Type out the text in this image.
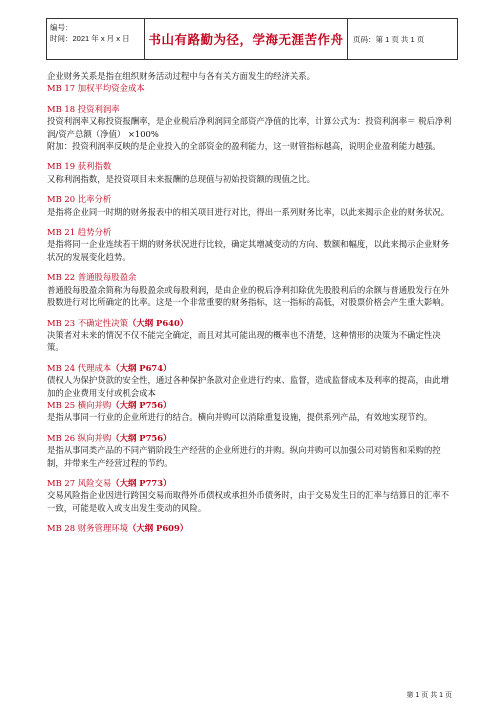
编号：
时间：2021 年 x 月 x 日	书山有路勤为径，学海无涯苦作舟	页码：第 1 页 共 1 页

企业财务关系是指在组织财务活动过程中与各有关方面发生的经济关系。

MB 17 加权平均资金成本

MB 18 投资利润率

投资利润率又称投资报酬率，是企业税后净利润同全部资产净值的比率，计算公式为：投资利润率＝ 税后净利润/资产总额（净值） ×100%

附加：投资利润率反映的是企业投入的全部资金的盈利能力，这一财管指标越高，说明企业盈利能力越强。

MB 19 获利指数

又称利润指数，是投资项目未来报酬的总现值与初始投资额的现值之比。

MB 20 比率分析

是指将企业同一时期的财务报表中的相关项目进行对比，得出一系列财务比率，以此来揭示企业的财务状况。

MB 21 趋势分析

是指将同一企业连续若干期的财务状况进行比较，确定其增减变动的方向、数额和幅度，以此来揭示企业财务状况的发展变化趋势。

MB 22 普通股每股盈余

普通股每股盈余简称为每股盈余或每股利润，是由企业的税后净利扣除优先股股利后的余额与普通股发行在外股数进行对比所确定的比率。这是一个非常重要的财务指标，这一指标的高低，对股票价格会产生重大影响。

MB 23 不确定性决策（大纲 P640）

决策者对未来的情况不仅不能完全确定，而且对其可能出现的概率也不清楚，这种情形的决策为不确定性决策。

MB 24 代理成本（大纲 P674）

债权人为保护贷款的安全性，通过各种保护条款对企业进行约束、监督，造成监督成本及利率的提高，由此增加的企业费用支付或机会成本

MB 25 横向并购（大纲 P756）

是指从事同一行业的企业所进行的结合。横向并购可以消除重复设施，提供系列产品，有效地实现节约。

MB 26 纵向并购（大纲 P756）

是指从事同类产品的不同产销阶段生产经营的企业所进行的并购。纵向并购可以加强公司对销售和采购的控制，并带来生产经营过程的节约。

MB 27 风险交易（大纲 P773）

交易风险指企业因进行跨国交易而取得外币债权或承担外币债务时，由于交易发生日的汇率与结算日的汇率不一致，可能是收入或支出发生变动的风险。

MB 28 财务管理环境（大纲 P609）

第 1 页 共 1 页
